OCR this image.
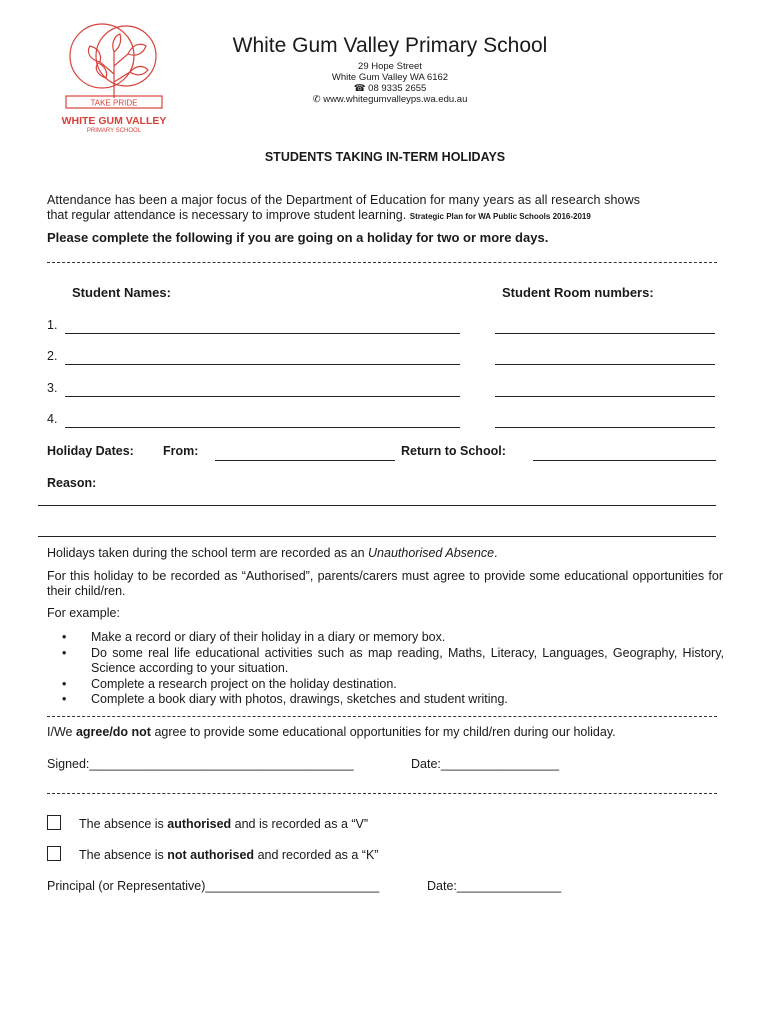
TAKE PRIDE
WHITE GUM VALLEY
PRIMARY SCHOOL
White Gum Valley Primary School
29 Hope Street
White Gum Valley WA 6162
☎ 08 9335 2655
✆ www.whitegumvalleyps.wa.edu.au
STUDENTS TAKING IN-TERM HOLIDAYS
Attendance has been a major focus of the Department of Education for many years as all research shows
that regular attendance is necessary to improve student learning. Strategic Plan for WA Public Schools 2016-2019
Please complete the following if you are going on a holiday for two or more days.
Student Names:	Student Room numbers:
1.
2.
3.
4.
Holiday Dates: From:	Return to School:
Reason:
Holidays taken during the school term are recorded as an Unauthorised Absence.
For this holiday to be recorded as “Authorised”, parents/carers must agree to provide some educational opportunities for their child/ren.
For example:
• Make a record or diary of their holiday in a diary or memory box.
• Do some real life educational activities such as map reading, Maths, Literacy, Languages, Geography, History, Science according to your situation.
• Complete a research project on the holiday destination.
• Complete a book diary with photos, drawings, sketches and student writing.
I/We agree/do not agree to provide some educational opportunities for my child/ren during our holiday.
Signed:______________________________________	Date:_________________
The absence is authorised and is recorded as a “V”
The absence is not authorised and recorded as a “K”
Principal (or Representative)_________________________	Date:_______________
